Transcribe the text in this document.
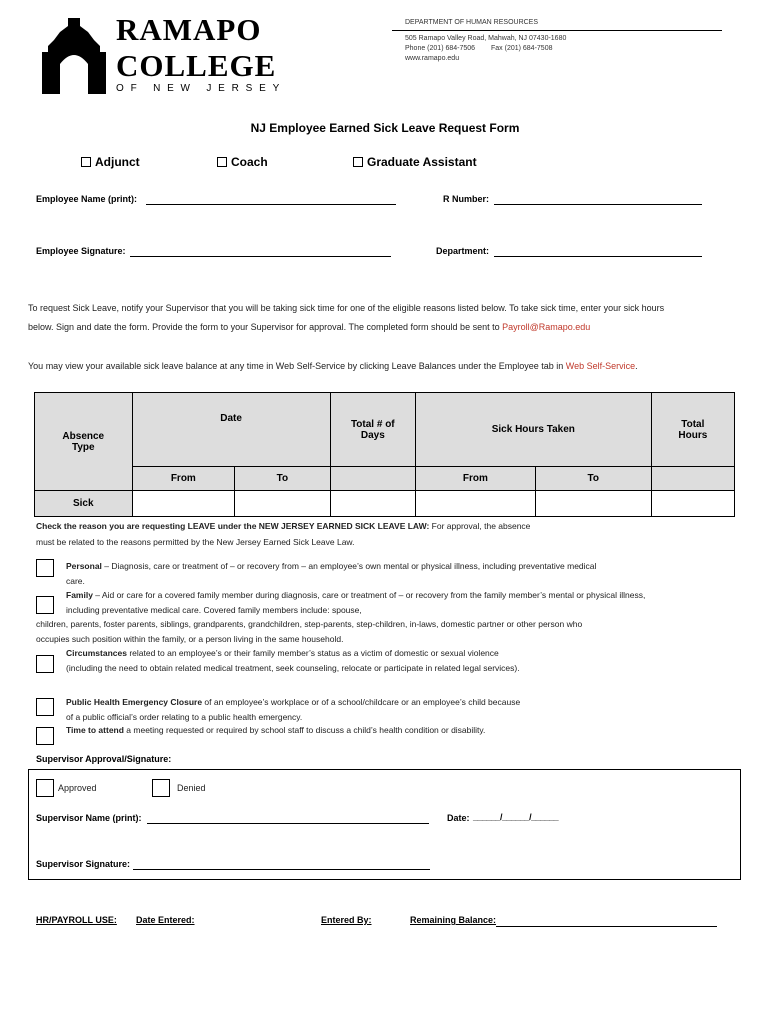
RAMAPO
COLLEGE
OF NEW JERSEY
DEPARTMENT OF HUMAN RESOURCES
505 Ramapo Valley Road, Mahwah, NJ 07430-1680
Phone (201) 684-7506 Fax (201) 684-7508
www.ramapo.edu
NJ Employee Earned Sick Leave Request Form
Adjunct	Coach	Graduate Assistant
Employee Name (print):	R Number:
Employee Signature:	Department:
To request Sick Leave, notify your Supervisor that you will be taking sick time for one of the eligible reasons listed below. To take sick time, enter your sick hours
below. Sign and date the form. Provide the form to your Supervisor for approval. The completed form should be sent to Payroll@Ramapo.edu
You may view your available sick leave balance at any time in Web Self-Service by clicking Leave Balances under the Employee tab in Web Self-Service.
Absence Type	Date		Total # of Days	Sick Hours Taken		Total Hours
	From	To		From	To	
Sick						
Check the reason you are requesting LEAVE under the NEW JERSEY EARNED SICK LEAVE LAW: For approval, the absence
must be related to the reasons permitted by the New Jersey Earned Sick Leave Law.
Personal – Diagnosis, care or treatment of – or recovery from – an employee’s own mental or physical illness, including preventative medical
care.
Family – Aid or care for a covered family member during diagnosis, care or treatment of – or recovery from the family member’s mental or physical illness,
including preventative medical care. Covered family members include: spouse,
children, parents, foster parents, siblings, grandparents, grandchildren, step-parents, step-children, in-laws, domestic partner or other person who
occupies such position within the family, or a person living in the same household.
Circumstances related to an employee’s or their family member’s status as a victim of domestic or sexual violence
(including the need to obtain related medical treatment, seek counseling, relocate or participate in related legal services).
Public Health Emergency Closure of an employee’s workplace or of a school/childcare or an employee’s child because
of a public official’s order relating to a public health emergency.
Time to attend a meeting requested or required by school staff to discuss a child’s health condition or disability.
Supervisor Approval/Signature:
Approved	Denied
Supervisor Name (print):	Date: ______/______/______
Supervisor Signature:
HR/PAYROLL USE: Date Entered:	Entered By:	Remaining Balance:
